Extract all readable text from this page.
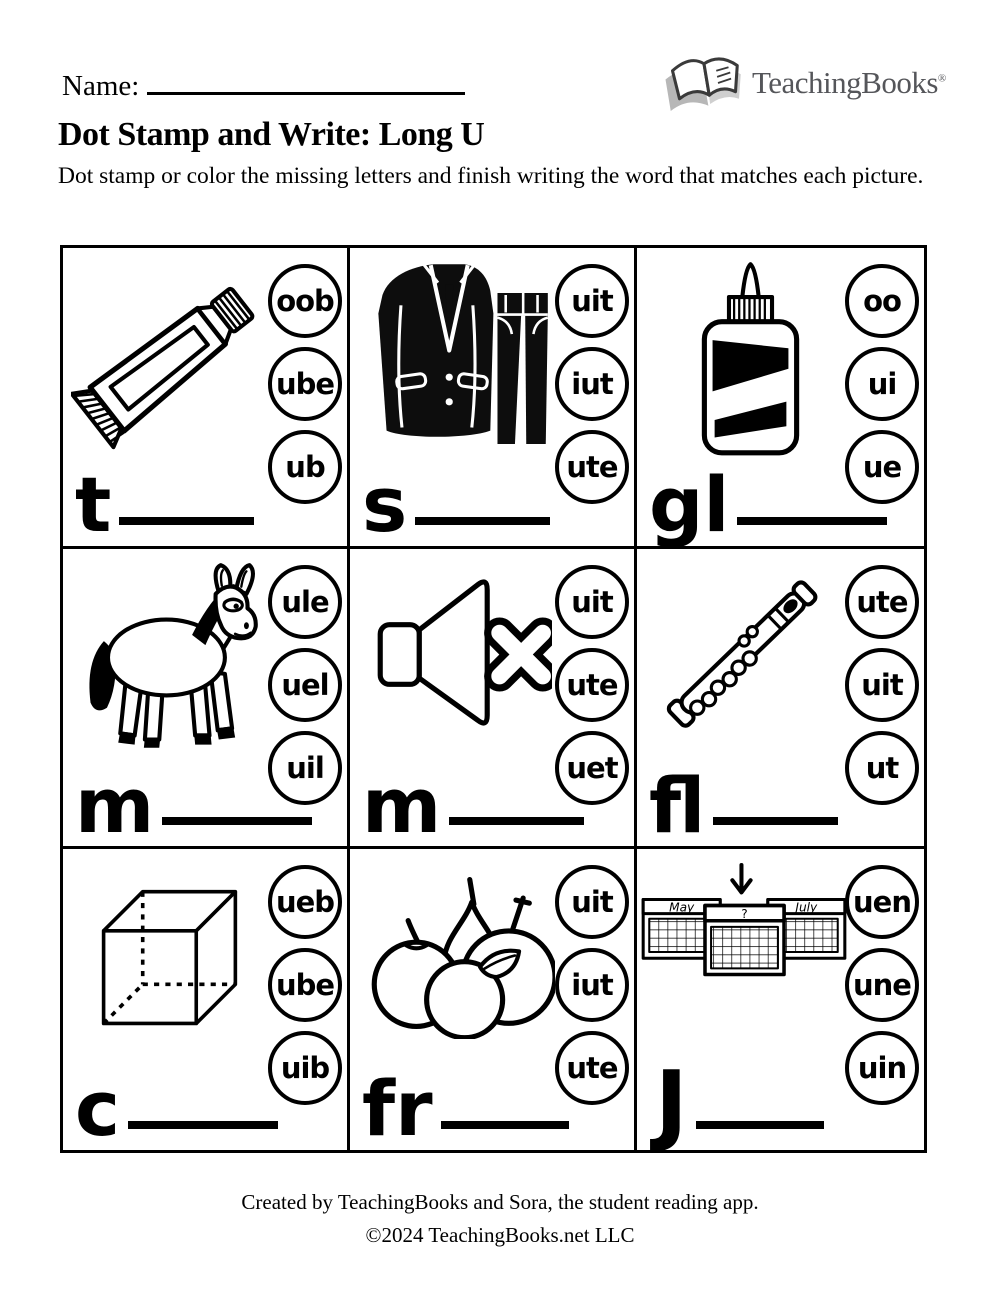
Name:	TeachingBooks®
Dot Stamp and Write: Long U

Dot stamp or color the missing letters and finish writing the word that matches each picture.

oob
ube
ub
t
uit
iut
ute
s
oo
ui
ue
gl
ule
uel
uil
m
uit
ute
uet
m
ute
uit
ut
fl
ueb
ube
uib
c
uit
iut
ute
fr
May	July
?	uen
une
uin
J
Created by TeachingBooks and Sora, the student reading app.
©2024 TeachingBooks.net LLC
